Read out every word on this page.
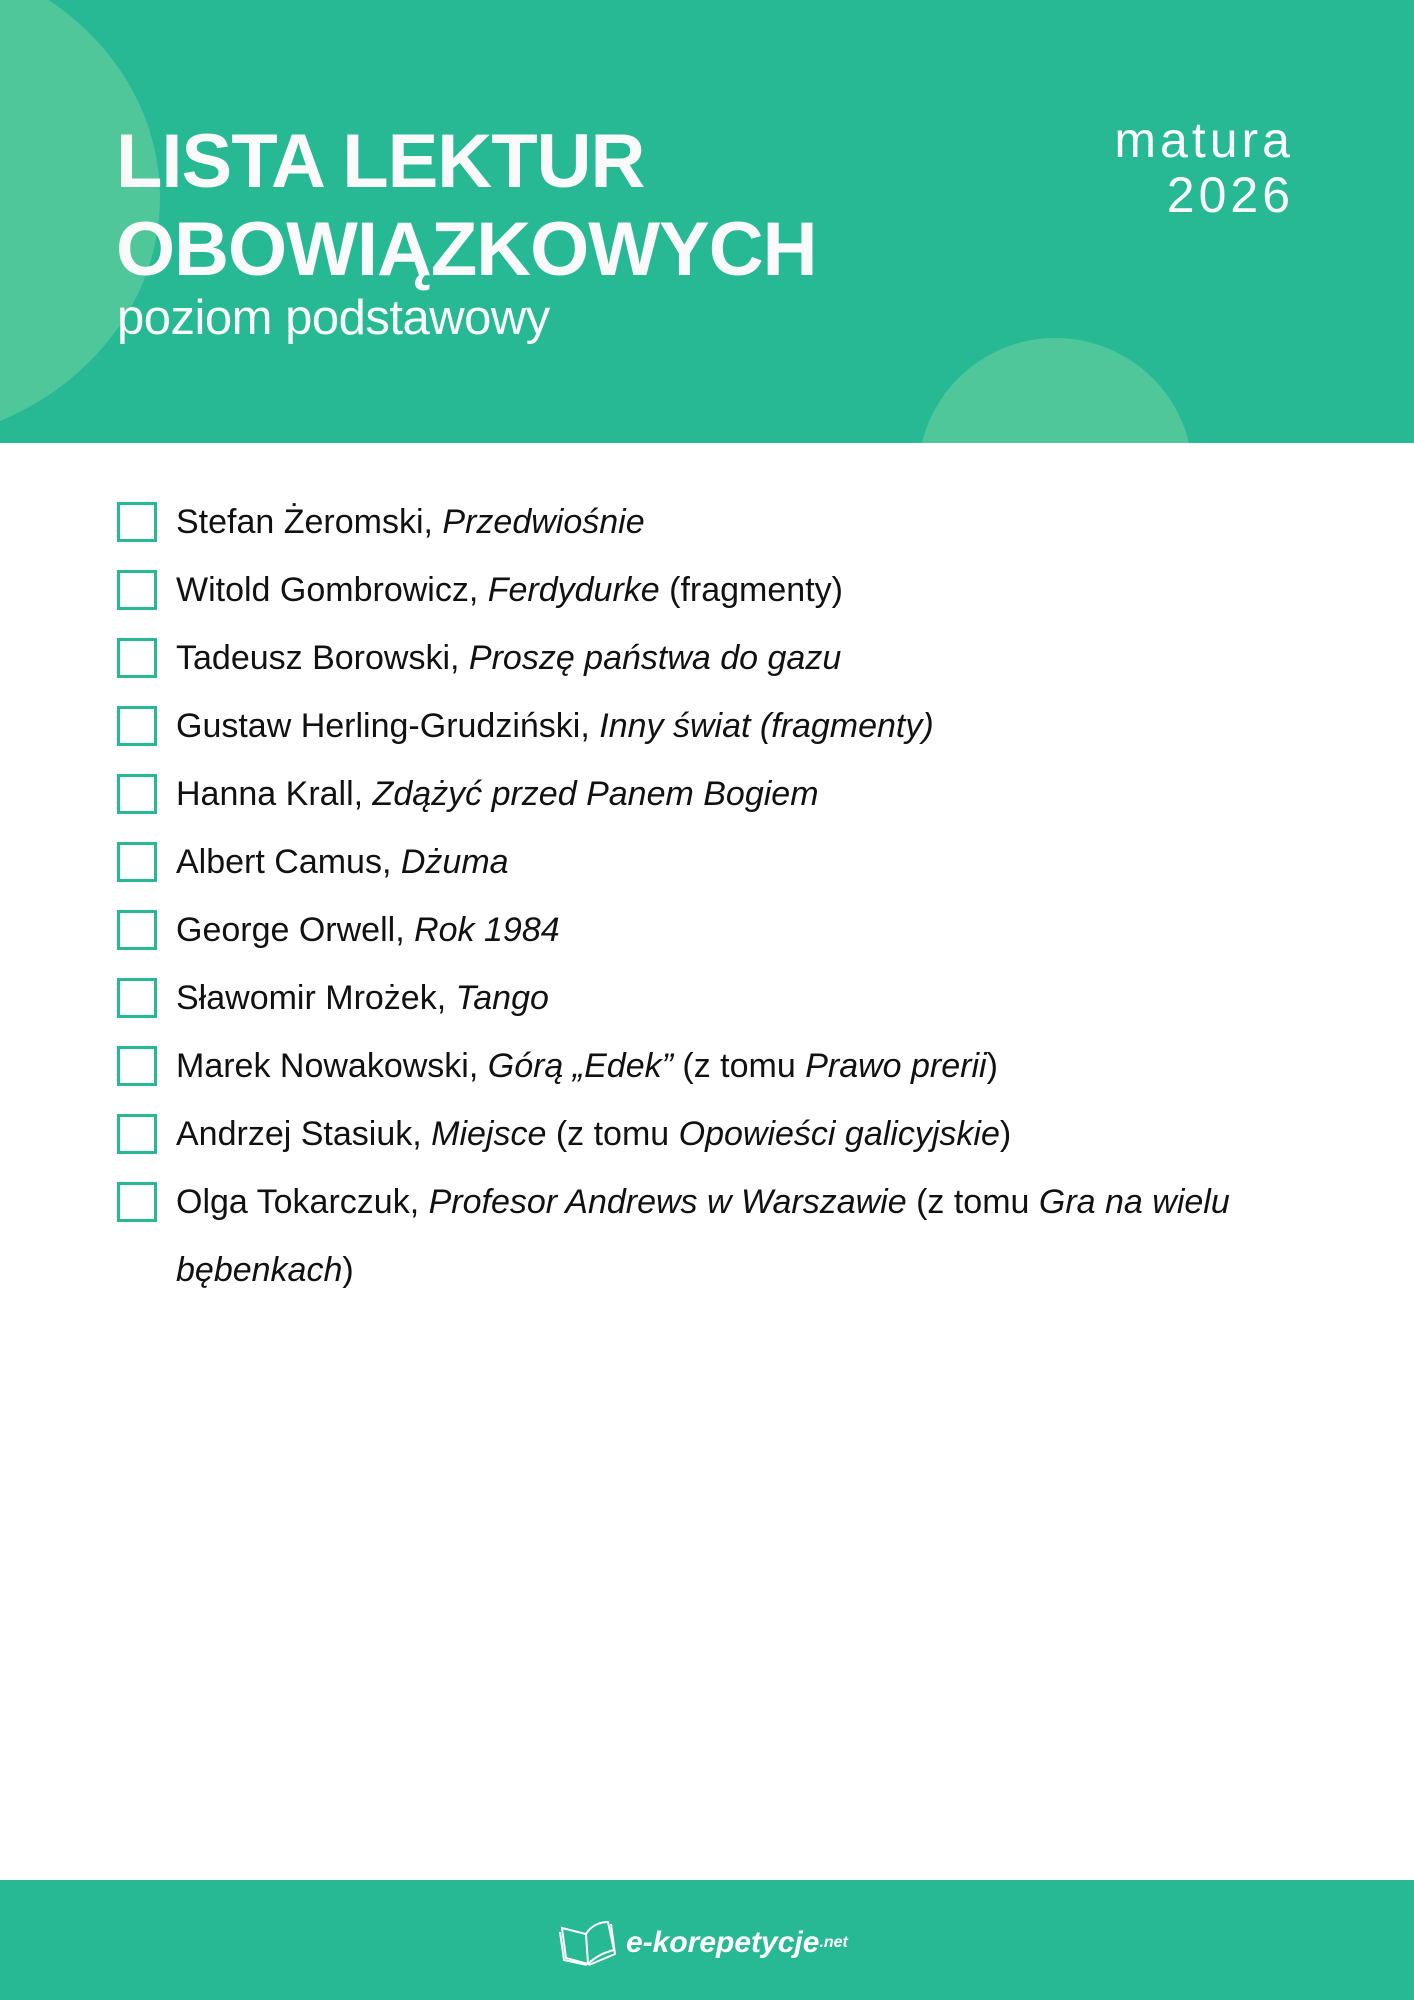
LISTA LEKTUR
OBOWIĄZKOWYCH
poziom podstawowy
matura
2026
Stefan Żeromski, Przedwiośnie
Witold Gombrowicz, Ferdydurke (fragmenty)
Tadeusz Borowski, Proszę państwa do gazu
Gustaw Herling-Grudziński, Inny świat (fragmenty)
Hanna Krall, Zdążyć przed Panem Bogiem
Albert Camus, Dżuma
George Orwell, Rok 1984
Sławomir Mrożek, Tango
Marek Nowakowski, Górą „Edek” (z tomu Prawo prerii)
Andrzej Stasiuk, Miejsce (z tomu Opowieści galicyjskie)
Olga Tokarczuk, Profesor Andrews w Warszawie (z tomu Gra na wielu bębenkach)
e-korepetycje .net
